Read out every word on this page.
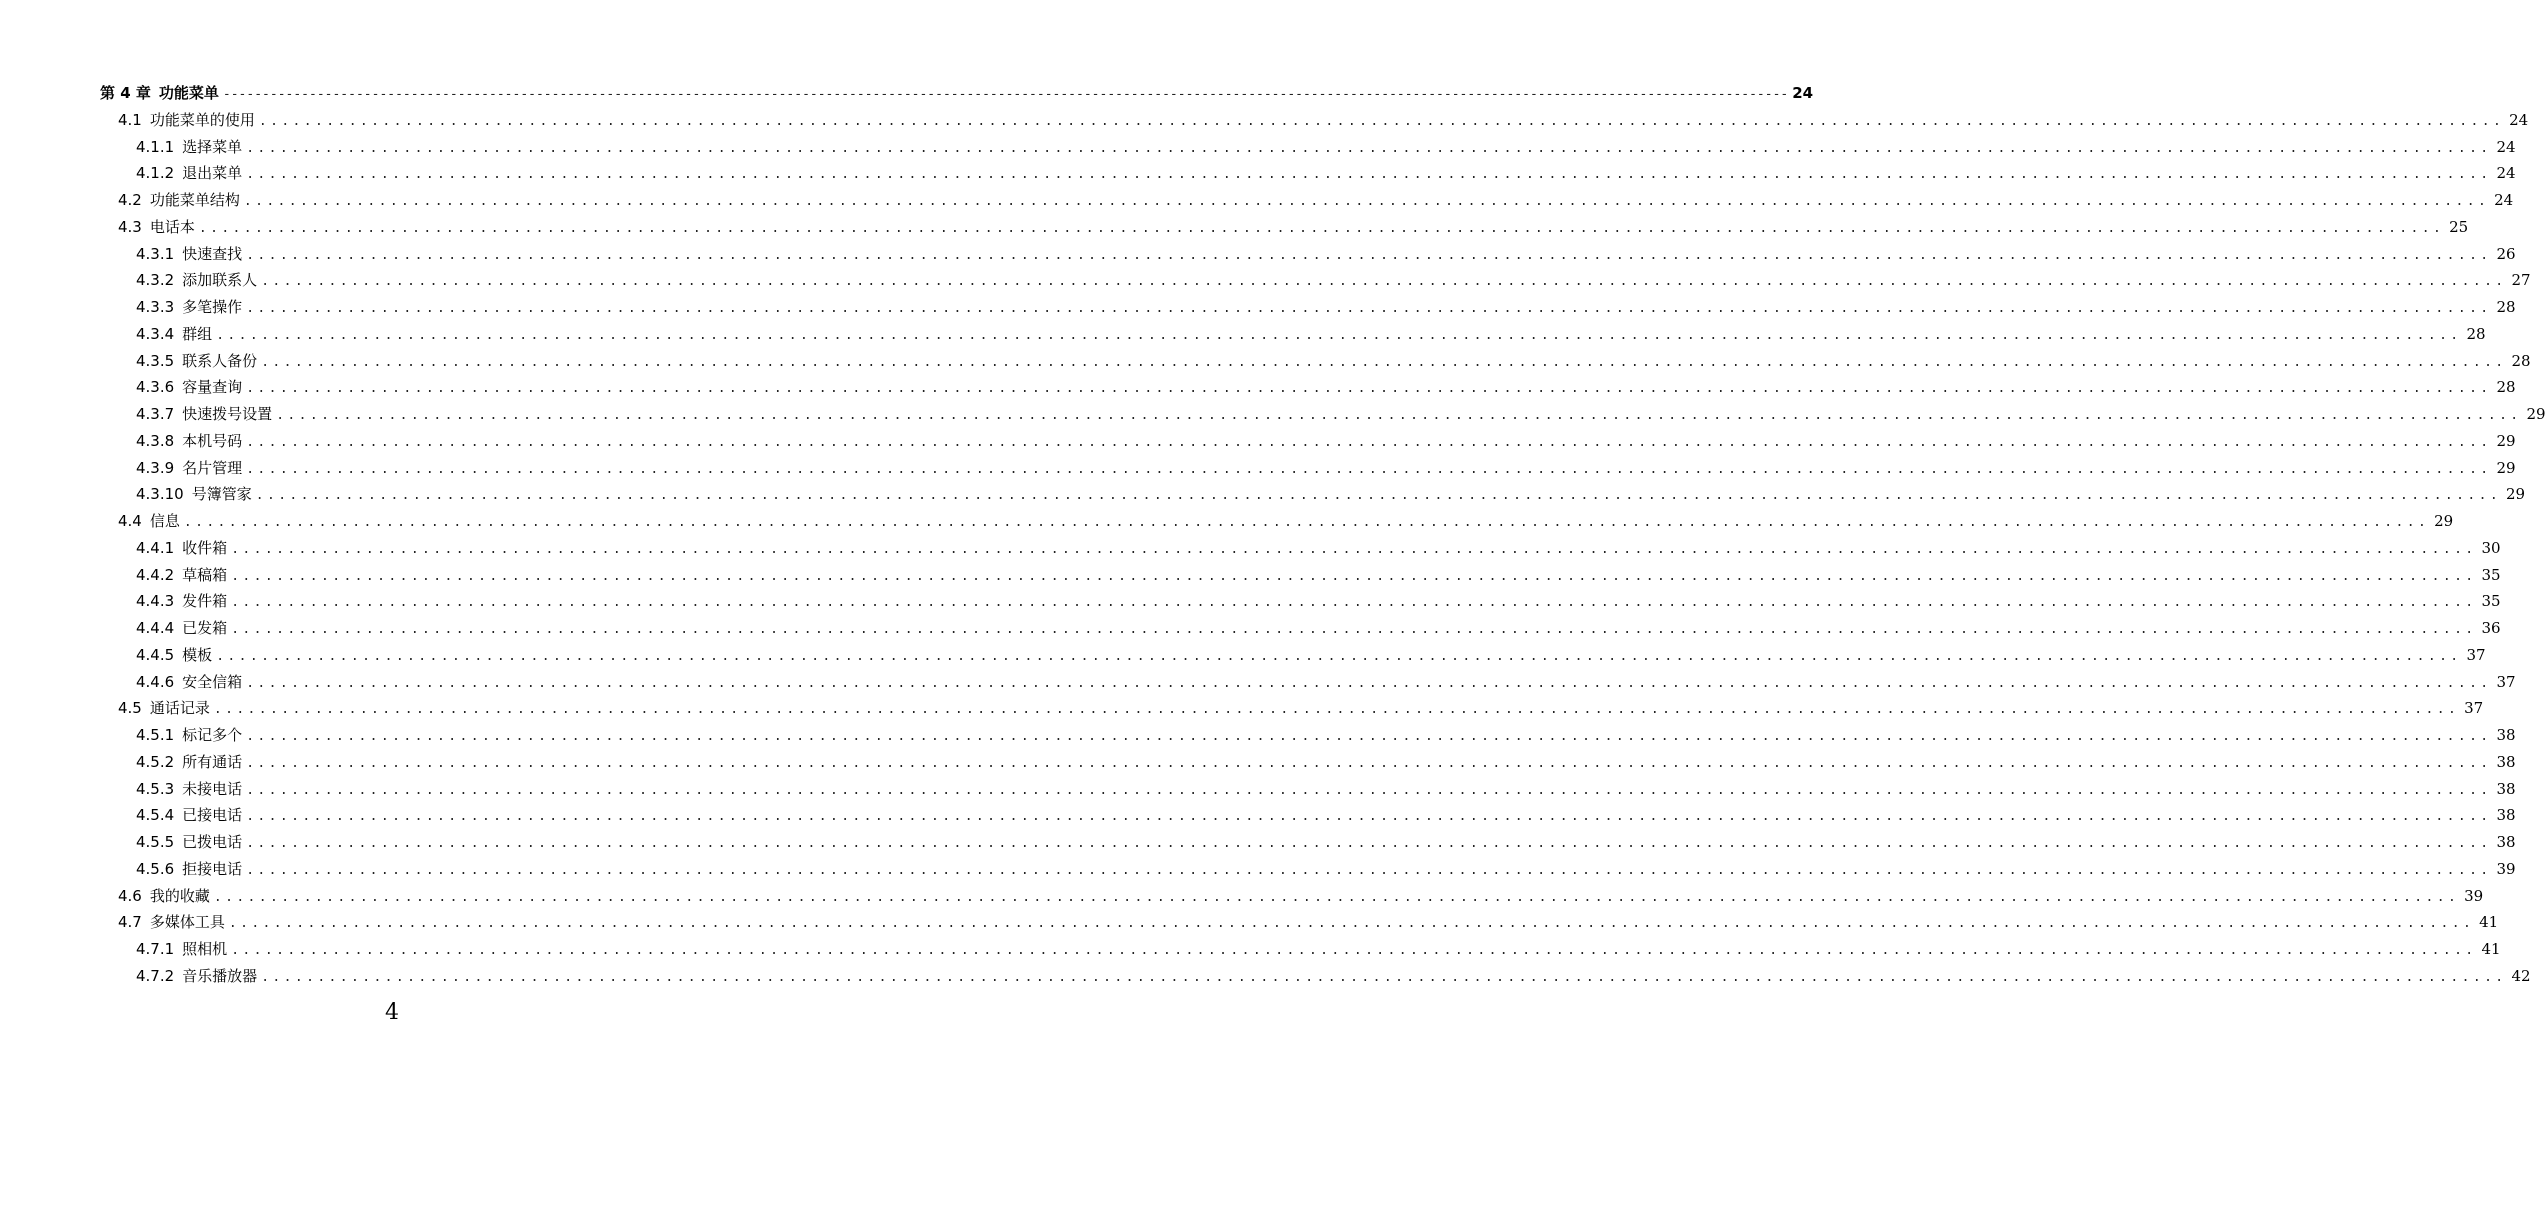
第 4 章 功能菜单 -------------------------------------------------------------------------------------------------------------------------------------------------------------------------------------------------------- 24
4.1 功能菜单的使用 ........................................................................................................................................................................................................ 24
4.1.1 选择菜单 ........................................................................................................................................................................................................ 24
4.1.2 退出菜单 ........................................................................................................................................................................................................ 24
4.2 功能菜单结构 ........................................................................................................................................................................................................ 24
4.3 电话本 ........................................................................................................................................................................................................ 25
4.3.1 快速查找 ........................................................................................................................................................................................................ 26
4.3.2 添加联系人 ........................................................................................................................................................................................................ 27
4.3.3 多笔操作 ........................................................................................................................................................................................................ 28
4.3.4 群组 ........................................................................................................................................................................................................ 28
4.3.5 联系人备份 ........................................................................................................................................................................................................ 28
4.3.6 容量查询 ........................................................................................................................................................................................................ 28
4.3.7 快速拨号设置 ........................................................................................................................................................................................................ 29
4.3.8 本机号码 ........................................................................................................................................................................................................ 29
4.3.9 名片管理 ........................................................................................................................................................................................................ 29
4.3.10 号簿管家 ........................................................................................................................................................................................................ 29
4.4 信息 ........................................................................................................................................................................................................ 29
4.4.1 收件箱 ........................................................................................................................................................................................................ 30
4.4.2 草稿箱 ........................................................................................................................................................................................................ 35
4.4.3 发件箱 ........................................................................................................................................................................................................ 35
4.4.4 已发箱 ........................................................................................................................................................................................................ 36
4.4.5 模板 ........................................................................................................................................................................................................ 37
4.4.6 安全信箱 ........................................................................................................................................................................................................ 37
4.5 通话记录 ........................................................................................................................................................................................................ 37
4.5.1 标记多个 ........................................................................................................................................................................................................ 38
4.5.2 所有通话 ........................................................................................................................................................................................................ 38
4.5.3 未接电话 ........................................................................................................................................................................................................ 38
4.5.4 已接电话 ........................................................................................................................................................................................................ 38
4.5.5 已拨电话 ........................................................................................................................................................................................................ 38
4.5.6 拒接电话 ........................................................................................................................................................................................................ 39
4.6 我的收藏 ........................................................................................................................................................................................................ 39
4.7 多媒体工具 ........................................................................................................................................................................................................ 41
4.7.1 照相机 ........................................................................................................................................................................................................ 41
4.7.2 音乐播放器 ........................................................................................................................................................................................................ 42
4
